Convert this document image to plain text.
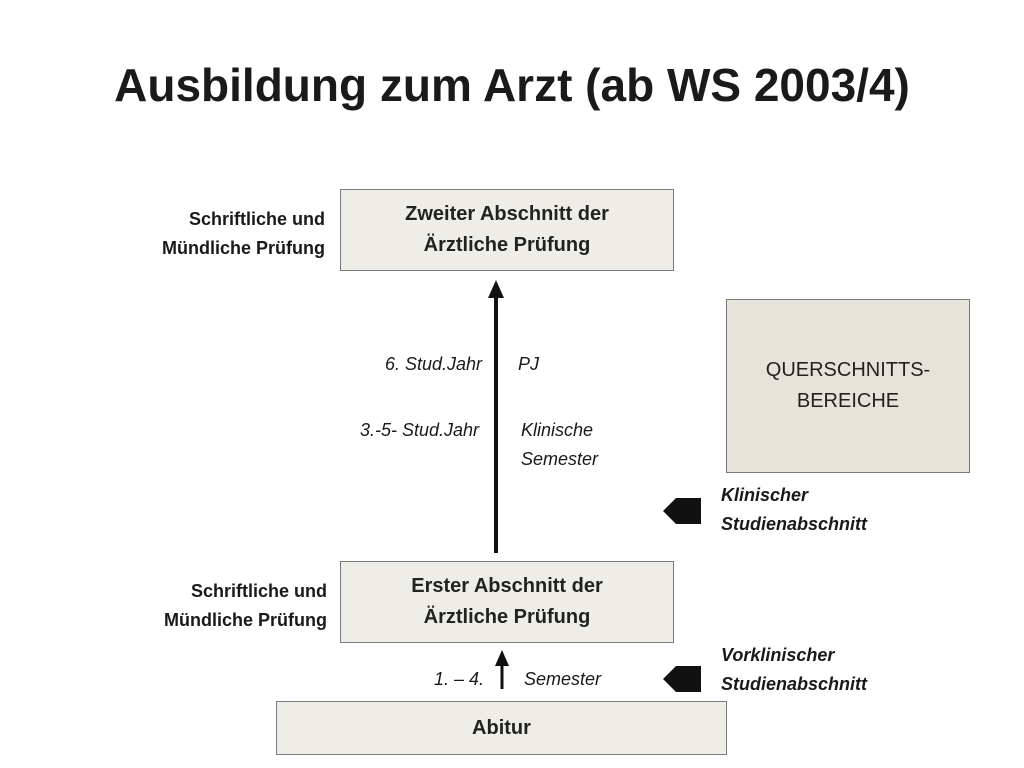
Ausbildung zum Arzt (ab WS 2003/4)
Zweiter Abschnitt der
Ärztliche Prüfung
Schriftliche und
Mündliche Prüfung
QUERSCHNITTS-
BEREICHE
6. Stud.Jahr PJ
3.-5- Stud.Jahr Klinische
Semester
Klinischer
Studienabschnitt
Erster Abschnitt der
Ärztliche Prüfung
Schriftliche und
Mündliche Prüfung
1. – 4. Semester
Vorklinischer
Studienabschnitt
Abitur
